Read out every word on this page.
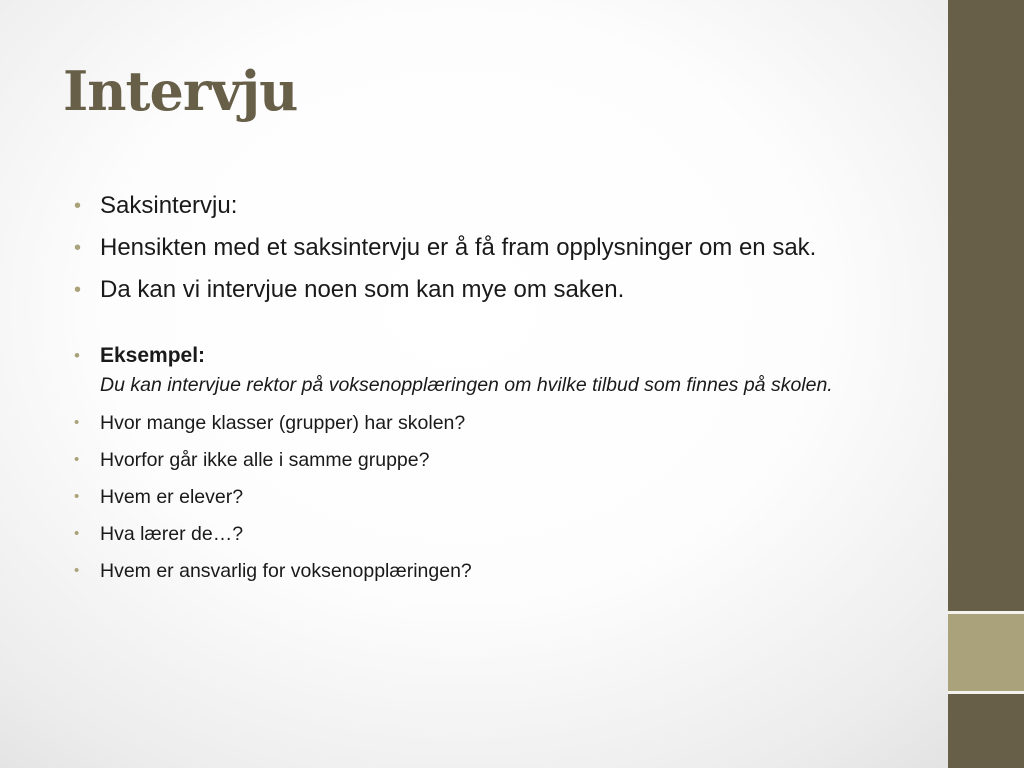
Intervju
• Saksintervju:
• Hensikten med et saksintervju er å få fram opplysninger om en sak.
• Da kan vi intervjue noen som kan mye om saken.
• Eksempel:
Du kan intervjue rektor på voksenopplæringen om hvilke tilbud som finnes på skolen.
• Hvor mange klasser (grupper) har skolen?
• Hvorfor går ikke alle i samme gruppe?
• Hvem er elever?
• Hva lærer de…?
• Hvem er ansvarlig for voksenopplæringen?
